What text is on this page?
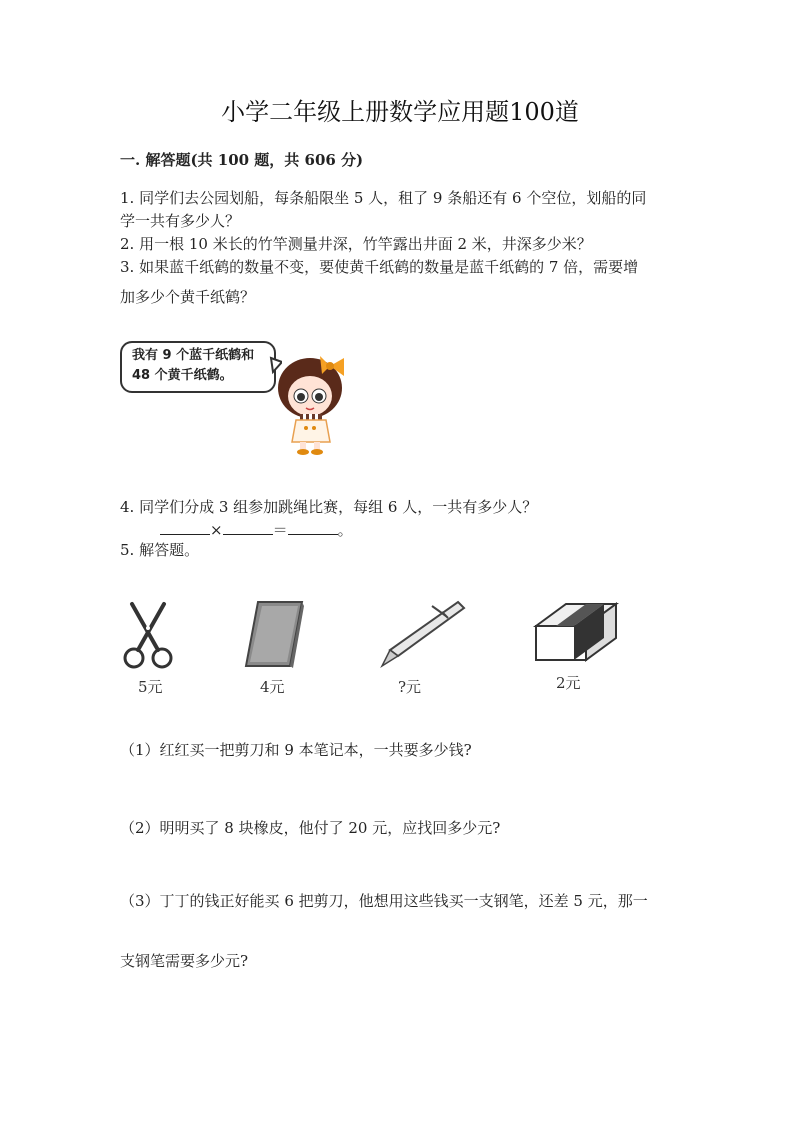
小学二年级上册数学应用题100道
一. 解答题(共 100 题，共 606 分)
1. 同学们去公园划船，每条船限坐 5 人，租了 9 条船还有 6 个空位，划船的同
学一共有多少人？
2. 用一根 10 米长的竹竿测量井深，竹竿露出井面 2 米，井深多少米？
3. 如果蓝千纸鹤的数量不变，要使黄千纸鹤的数量是蓝千纸鹤的 7 倍，需要增
加多少个黄千纸鹤？
我有 9 个蓝千纸鹤和
48 个黄千纸鹤。
4. 同学们分成 3 组参加跳绳比赛，每组 6 人，一共有多少人？
×	＝	。
5. 解答题。
5元	4元	?元	2元
（1）红红买一把剪刀和 9 本笔记本，一共要多少钱?
（2）明明买了 8 块橡皮，他付了 20 元，应找回多少元?
（3）丁丁的钱正好能买 6 把剪刀，他想用这些钱买一支钢笔，还差 5 元，那一
支钢笔需要多少元?
